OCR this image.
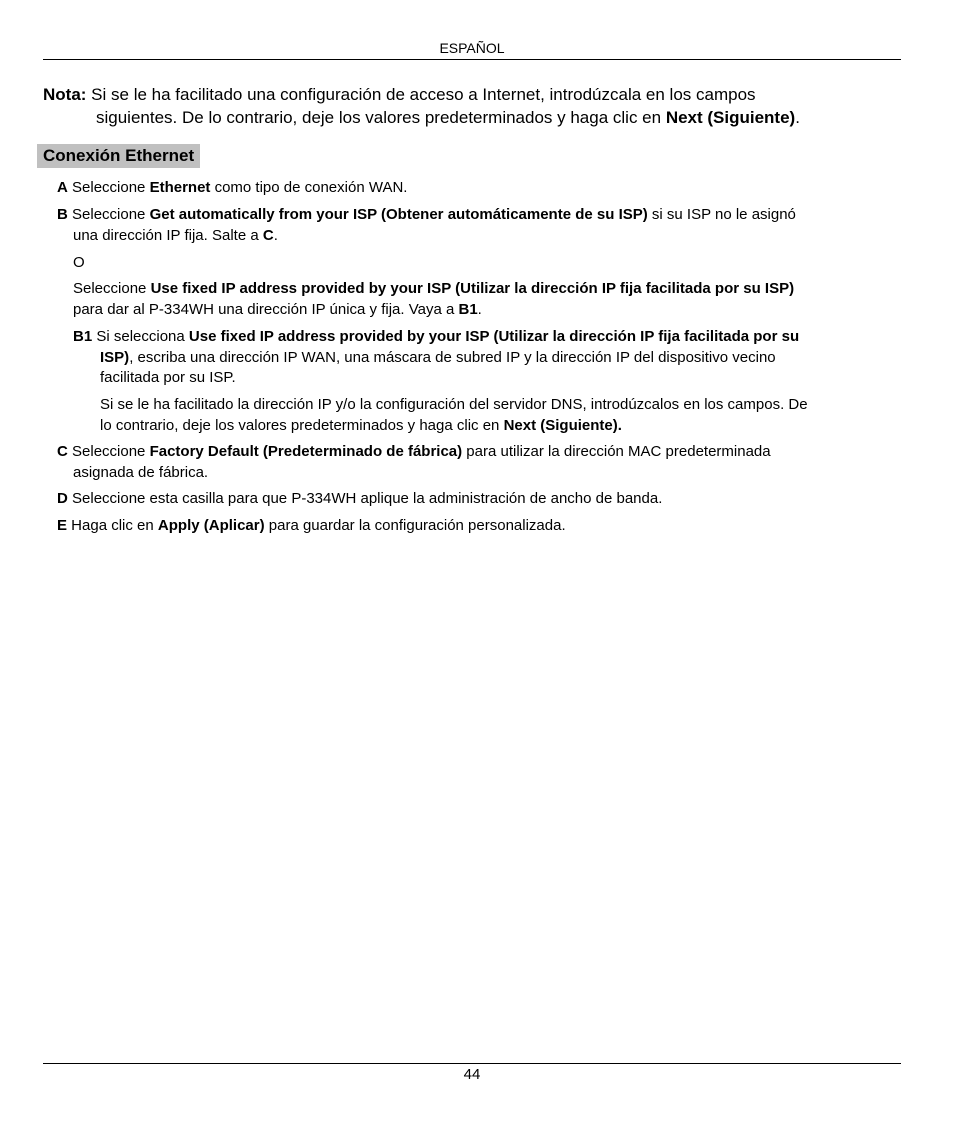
ESPAÑOL
Nota: Si se le ha facilitado una configuración de acceso a Internet, introdúzcala en los campos
siguientes. De lo contrario, deje los valores predeterminados y haga clic en Next (Siguiente).
Conexión Ethernet
A Seleccione Ethernet como tipo de conexión WAN.
B Seleccione Get automatically from your ISP (Obtener automáticamente de su ISP) si su ISP no le asignó
una dirección IP fija. Salte a C.
O
Seleccione Use fixed IP address provided by your ISP (Utilizar la dirección IP fija facilitada por su ISP)
para dar al P-334WH una dirección IP única y fija. Vaya a B1.
B1 Si selecciona Use fixed IP address provided by your ISP (Utilizar la dirección IP fija facilitada por su
ISP), escriba una dirección IP WAN, una máscara de subred IP y la dirección IP del dispositivo vecino
facilitada por su ISP.
Si se le ha facilitado la dirección IP y/o la configuración del servidor DNS, introdúzcalos en los campos. De
lo contrario, deje los valores predeterminados y haga clic en Next (Siguiente).
C Seleccione Factory Default (Predeterminado de fábrica) para utilizar la dirección MAC predeterminada
asignada de fábrica.
D Seleccione esta casilla para que P-334WH aplique la administración de ancho de banda.
E Haga clic en Apply (Aplicar) para guardar la configuración personalizada.
44
